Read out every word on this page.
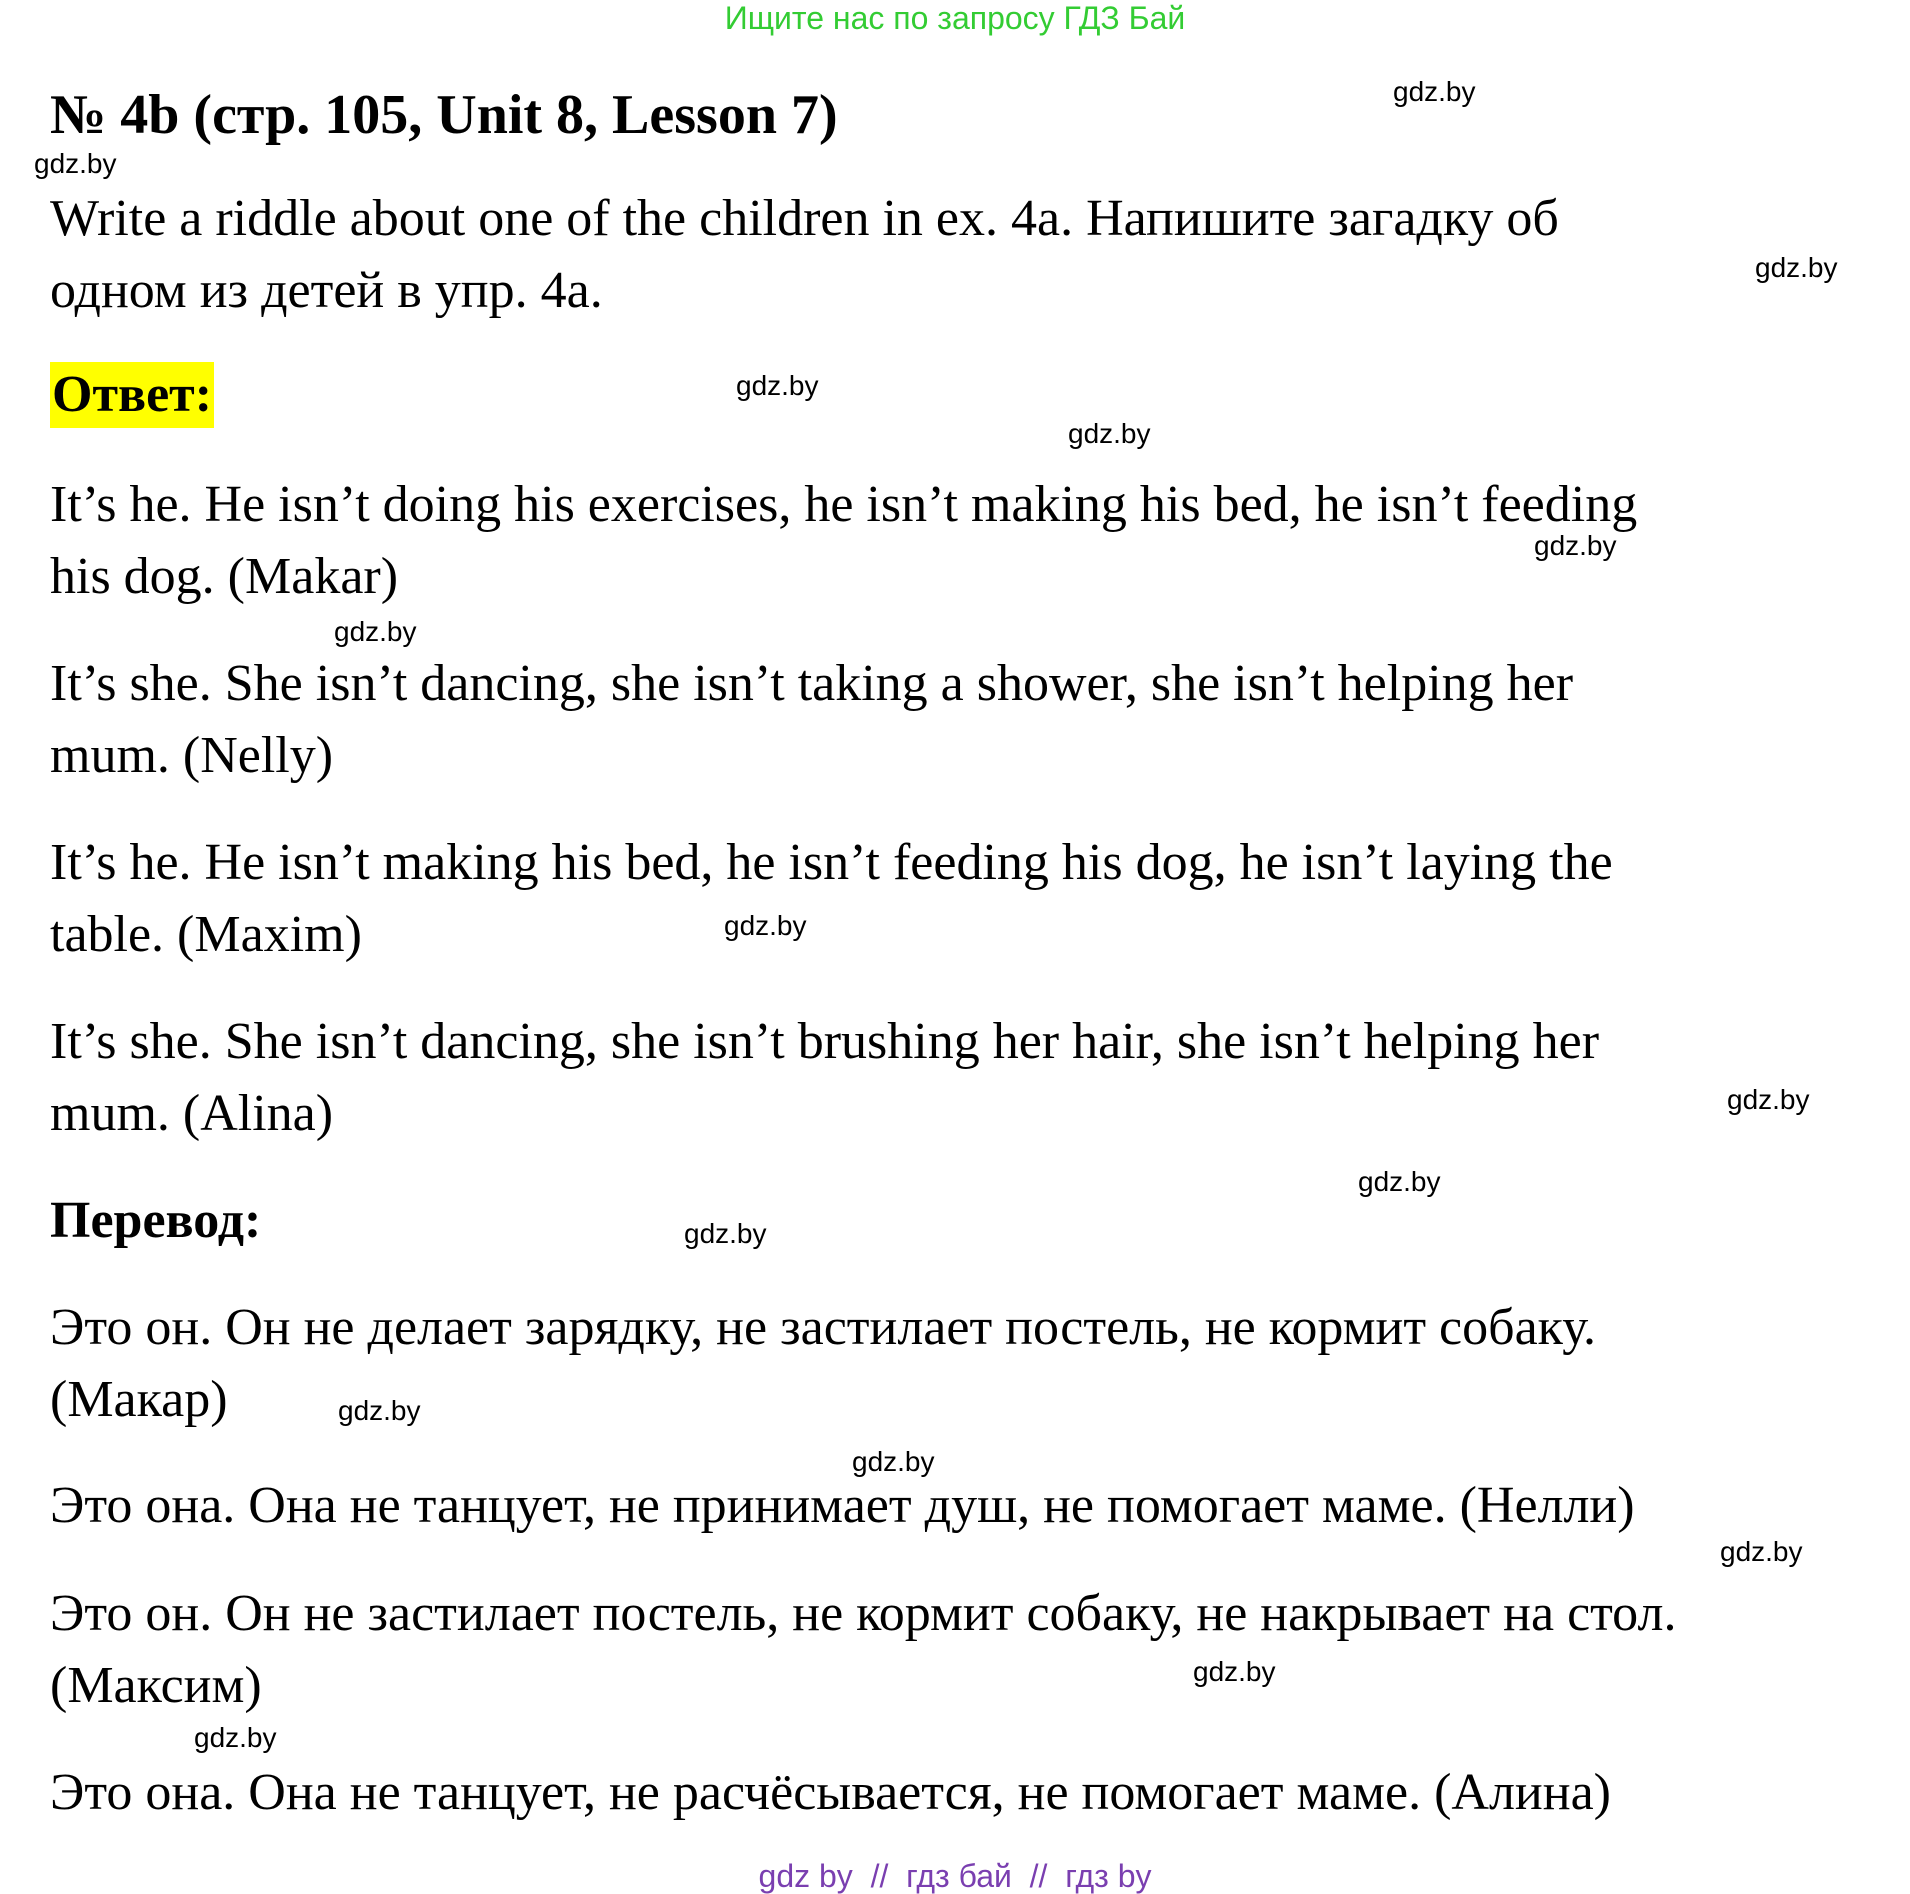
Ищите нас по запросу ГДЗ Бай
№ 4b (стр. 105, Unit 8, Lesson 7)
Write a riddle about one of the children in ex. 4a. Напишите загадку об
одном из детей в упр. 4a.
Ответ:
It’s he. He isn’t doing his exercises, he isn’t making his bed, he isn’t feeding
his dog. (Makar)
It’s she. She isn’t dancing, she isn’t taking a shower, she isn’t helping her
mum. (Nelly)
It’s he. He isn’t making his bed, he isn’t feeding his dog, he isn’t laying the
table. (Maxim)
It’s she. She isn’t dancing, she isn’t brushing her hair, she isn’t helping her
mum. (Alina)
Перевод:
Это он. Он не делает зарядку, не застилает постель, не кормит собаку.
(Макар)
Это она. Она не танцует, не принимает душ, не помогает маме. (Нелли)
Это он. Он не застилает постель, не кормит собаку, не накрывает на стол.
(Максим)
Это она. Она не танцует, не расчёсывается, не помогает маме. (Алина)
gdz.by
gdz.by
gdz.by
gdz.by
gdz.by
gdz.by
gdz.by
gdz.by
gdz.by
gdz.by
gdz.by
gdz.by
gdz.by
gdz.by
gdz.by
gdz.by
gdz by  //  гдз бай  //  гдз by
